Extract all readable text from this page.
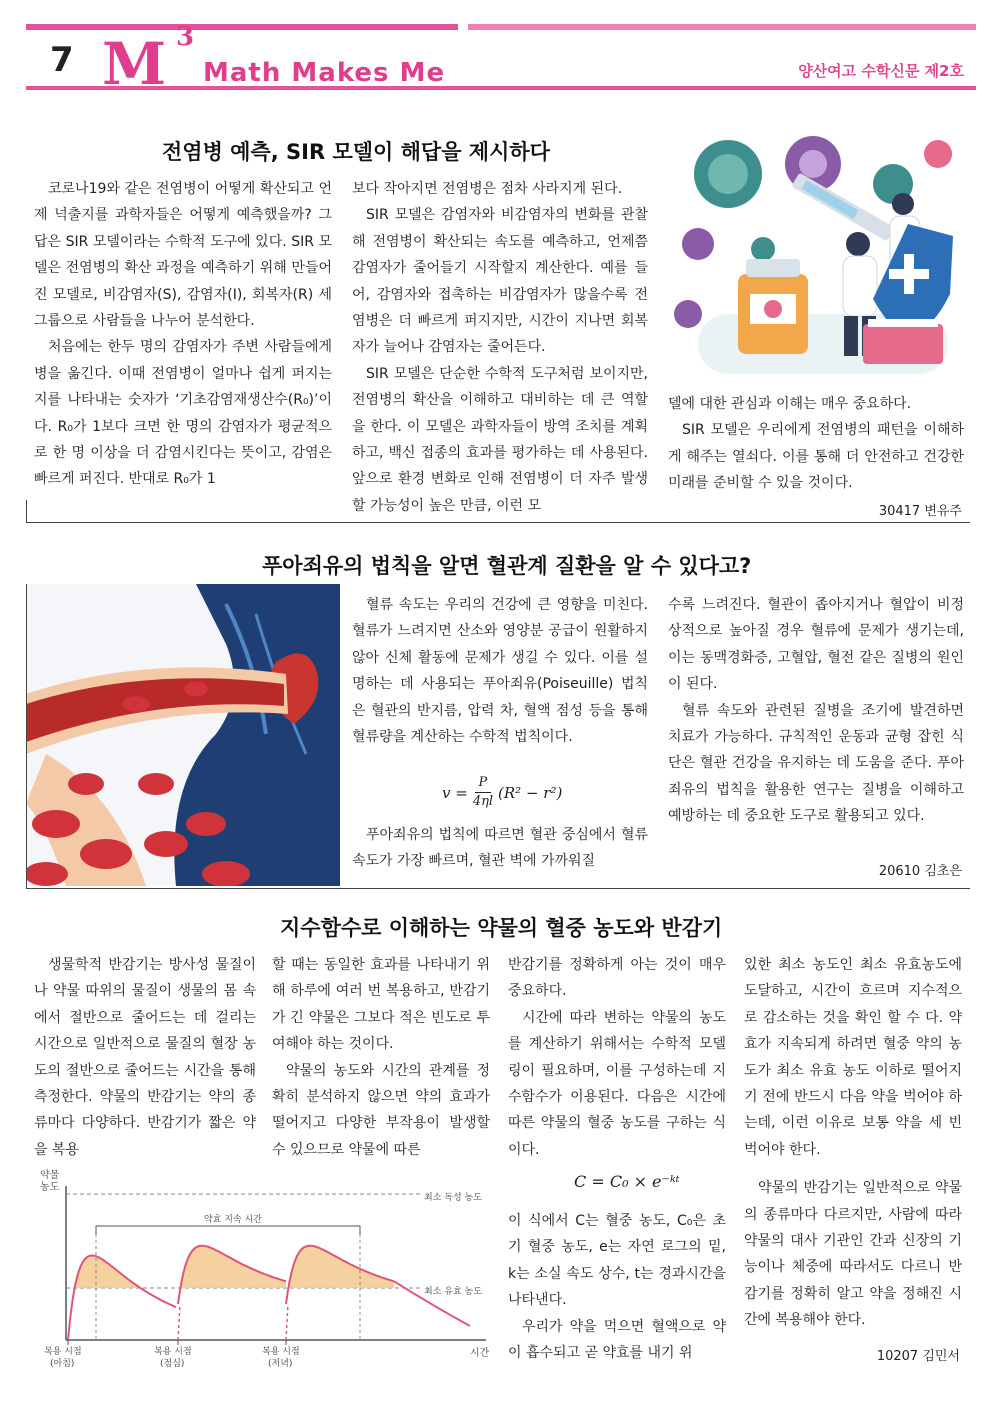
7 M 3
Math Makes Me	양산여고 수학신문 제2호
전염병 예측, SIR 모델이 해답을 제시하다

코로나19와 같은 전염병이 어떻게 확산되고 언제 넉출지를 과학자들은 어떻게 예측했을까? 그 답은 SIR 모델이라는 수학적 도구에 있다. SIR 모델은 전염병의 확산 과정을 예측하기 위해 만들어진 모델로, 비감염자(S), 감염자(I), 회복자(R) 세 그룹으로 사람들을 나누어 분석한다.

처음에는 한두 명의 감염자가 주변 사람들에게 병을 옮긴다. 이때 전염병이 얼마나 쉽게 퍼지는지를 나타내는 숫자가 ‘기초감염재생산수(R₀)’이다. R₀가 1보다 크면 한 명의 감염자가 평균적으로 한 명 이상을 더 감염시킨다는 뜻이고, 감염은 빠르게 퍼진다. 반대로 R₀가 1

보다 작아지면 전염병은 점차 사라지게 된다.

SIR 모델은 감염자와 비감염자의 변화를 관찰해 전염병이 확산되는 속도를 예측하고, 언제쯤 감염자가 줄어들기 시작할지 계산한다. 예를 들어, 감염자와 접촉하는 비감염자가 많을수록 전염병은 더 빠르게 퍼지지만, 시간이 지나면 회복자가 늘어나 감염자는 줄어든다.

SIR 모델은 단순한 수학적 도구처럼 보이지만, 전염병의 확산을 이해하고 대비하는 데 큰 역할을 한다. 이 모델은 과학자들이 방역 조치를 계획하고, 백신 접종의 효과를 평가하는 데 사용된다. 앞으로 환경 변화로 인해 전염병이 더 자주 발생할 가능성이 높은 만큼, 이런 모

델에 대한 관심과 이해는 매우 중요하다.

SIR 모델은 우리에게 전염병의 패턴을 이해하게 해주는 열쇠다. 이를 통해 더 안전하고 건강한 미래를 준비할 수 있을 것이다.

30417 변유주
푸아죄유의 법칙을 알면 혈관계 질환을 알 수 있다고?

혈류 속도는 우리의 건강에 큰 영향을 미친다. 혈류가 느려지면 산소와 영양분 공급이 원활하지 않아 신체 활동에 문제가 생길 수 있다. 이를 설명하는 데 사용되는 푸아죄유(Poiseuille) 법칙은 혈관의 반지름, 압력 차, 혈액 점성 등을 통해 혈류량을 계산하는 수학적 법칙이다.

$v = \frac{P}{4\eta l} (R^2 - r^2)$

푸아죄유의 법칙에 따르면 혈관 중심에서 혈류 속도가 가장 빠르며, 혈관 벽에 가까워질

수록 느려진다. 혈관이 좁아지거나 혈압이 비정상적으로 높아질 경우 혈류에 문제가 생기는데, 이는 동맥경화증, 고혈압, 혈전 같은 질병의 원인이 된다.

혈류 속도와 관련된 질병을 조기에 발견하면 치료가 가능하다. 규칙적인 운동과 균형 잡힌 식단은 혈관 건강을 유지하는 데 도움을 준다. 푸아죄유의 법칙을 활용한 연구는 질병을 이해하고 예방하는 데 중요한 도구로 활용되고 있다.

20610 김초은
지수함수로 이해하는 약물의 혈중 농도와 반감기

생물학적 반감기는 방사성 물질이나 약물 따위의 물질이 생물의 몸 속에서 절반으로 줄어드는 데 걸리는 시간으로 일반적으로 물질의 혈장 농도의 절반으로 줄어드는 시간을 통해 측정한다. 약물의 반감기는 약의 종류마다 다양하다. 반감기가 짧은 약을 복용

할 때는 동일한 효과를 나타내기 위해 하루에 여러 번 복용하고, 반감기가 긴 약물은 그보다 적은 빈도로 투여해야 하는 것이다.

약물의 농도와 시간의 관계를 정확히 분석하지 않으면 약의 효과가 떨어지고 다양한 부작용이 발생할 수 있으므로 약물에 따른

반감기를 정확하게 아는 것이 매우 중요하다.

시간에 따라 변하는 약물의 농도를 계산하기 위해서는 수학적 모델링이 필요하며, 이를 구성하는데 지수함수가 이용된다. 다음은 시간에 따른 약물의 혈중 농도를 구하는 식이다.

C = C₀ × e⁻ᵏᵗ

이 식에서 C는 혈중 농도, C₀은 초기 혈중 농도, e는 자연 로그의 밑, k는 소실 속도 상수, t는 경과시간을 나타낸다.

우리가 약을 먹으면 혈액으로 약이 흡수되고 곧 약효를 내기 위

있한 최소 농도인 최소 유효농도에 도달하고, 시간이 흐르며 지수적으로 감소하는 것을 확인 할 수 다. 약효가 지속되게 하려면 혈중 약의 농도가 최소 유효 농도 이하로 떨어지기 전에 반드시 다음 약을 벅어야 하는데, 이런 이유로 보통 약을 세 빈 벅어야 한다.

약물의 반감기는 일반적으로 약물의 종류마다 다르지만, 사람에 따라 약물의 대사 기관인 간과 신장의 기능이나 체중에 따라서도 다르니 반감기를 정확히 알고 약을 정해진 시간에 복용해야 한다.

10207 김민서
약물
농도
시간
최소 독성 농도
최소 유효 농도
약효 지속 시간
복용 시점
(아침)
복용 시점
(점심)
복용 시점
(저녁)
